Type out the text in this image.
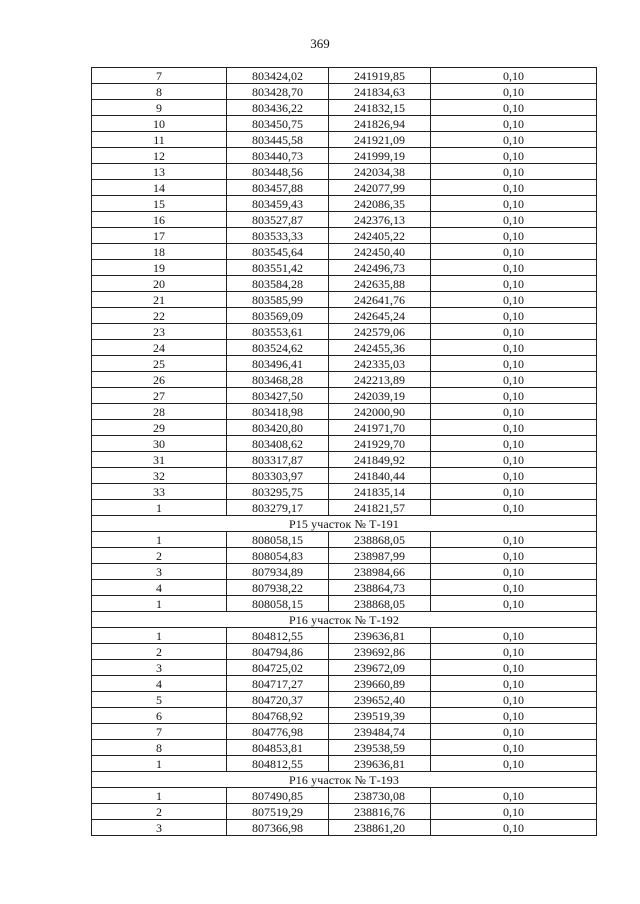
369
7	803424,02	241919,85	0,10
8	803428,70	241834,63	0,10
9	803436,22	241832,15	0,10
10	803450,75	241826,94	0,10
11	803445,58	241921,09	0,10
12	803440,73	241999,19	0,10
13	803448,56	242034,38	0,10
14	803457,88	242077,99	0,10
15	803459,43	242086,35	0,10
16	803527,87	242376,13	0,10
17	803533,33	242405,22	0,10
18	803545,64	242450,40	0,10
19	803551,42	242496,73	0,10
20	803584,28	242635,88	0,10
21	803585,99	242641,76	0,10
22	803569,09	242645,24	0,10
23	803553,61	242579,06	0,10
24	803524,62	242455,36	0,10
25	803496,41	242335,03	0,10
26	803468,28	242213,89	0,10
27	803427,50	242039,19	0,10
28	803418,98	242000,90	0,10
29	803420,80	241971,70	0,10
30	803408,62	241929,70	0,10
31	803317,87	241849,92	0,10
32	803303,97	241840,44	0,10
33	803295,75	241835,14	0,10
1	803279,17	241821,57	0,10
Р15 участок № Т-191			
1	808058,15	238868,05	0,10
2	808054,83	238987,99	0,10
3	807934,89	238984,66	0,10
4	807938,22	238864,73	0,10
1	808058,15	238868,05	0,10
Р16 участок № Т-192			
1	804812,55	239636,81	0,10
2	804794,86	239692,86	0,10
3	804725,02	239672,09	0,10
4	804717,27	239660,89	0,10
5	804720,37	239652,40	0,10
6	804768,92	239519,39	0,10
7	804776,98	239484,74	0,10
8	804853,81	239538,59	0,10
1	804812,55	239636,81	0,10
Р16 участок № Т-193			
1	807490,85	238730,08	0,10
2	807519,29	238816,76	0,10
3	807366,98	238861,20	0,10
